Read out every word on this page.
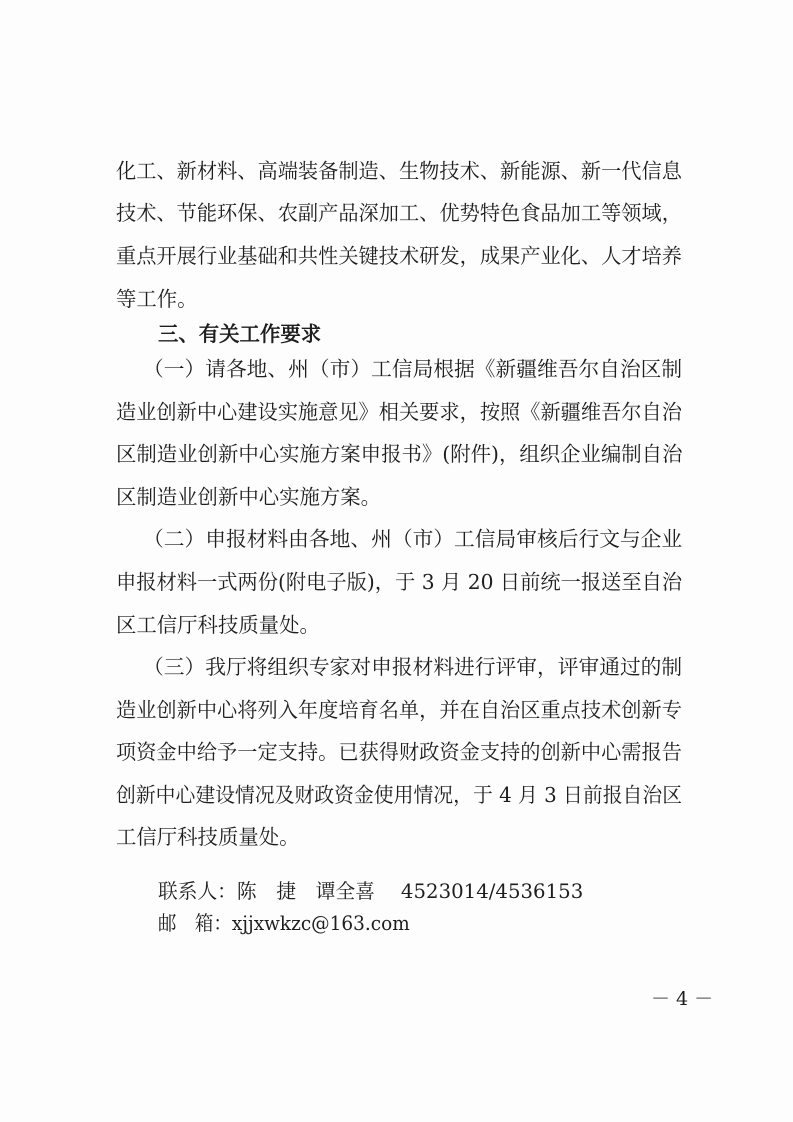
化工、新材料、高端装备制造、生物技术、新能源、新一代信息
技术、节能环保、农副产品深加工、优势特色食品加工等领域，
重点开展行业基础和共性关键技术研发，成果产业化、人才培养
等工作。
三、有关工作要求
（一）请各地、州（市）工信局根据《新疆维吾尔自治区制
造业创新中心建设实施意见》相关要求，按照《新疆维吾尔自治
区制造业创新中心实施方案申报书》(附件)，组织企业编制自治
区制造业创新中心实施方案。
（二）申报材料由各地、州（市）工信局审核后行文与企业
申报材料一式两份(附电子版)，于 3 月 20 日前统一报送至自治
区工信厅科技质量处。
（三）我厅将组织专家对申报材料进行评审，评审通过的制
造业创新中心将列入年度培育名单，并在自治区重点技术创新专
项资金中给予一定支持。已获得财政资金支持的创新中心需报告
创新中心建设情况及财政资金使用情况，于 4 月 3 日前报自治区
工信厅科技质量处。
联系人：陈　捷　谭全喜　 4523014/4536153
邮　箱：xjjxwkzc@163.com
－ 4 －
